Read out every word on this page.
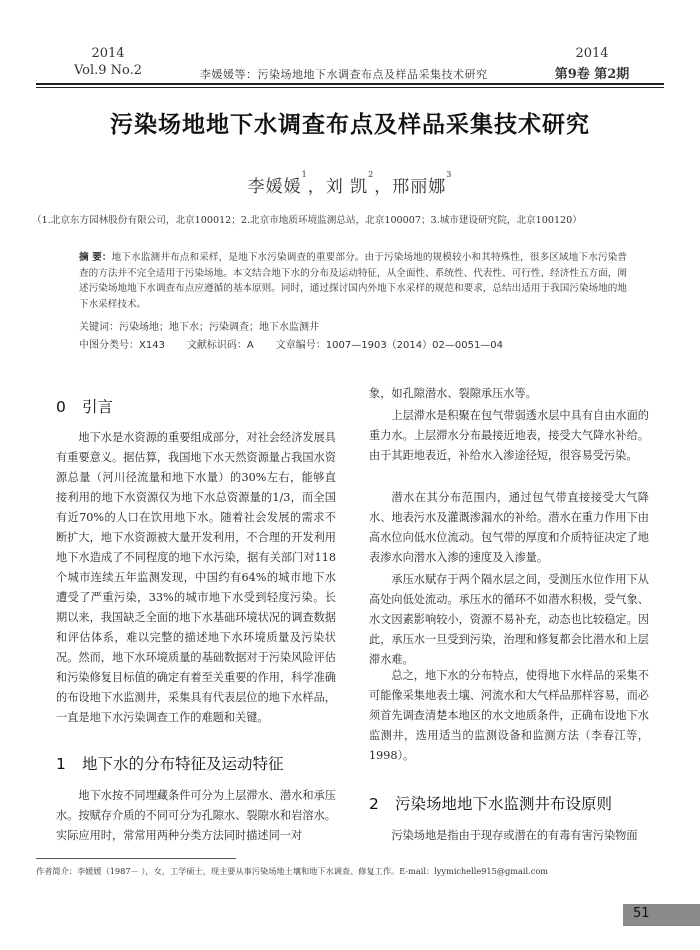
2014
Vol.9 No.2	李媛媛等：污染场地地下水调查布点及样品采集技术研究
2014
第9卷 第2期
污染场地地下水调查布点及样品采集技术研究
李媛媛$^1$，刘 凯$^2$，邢丽娜$^3$
（1.北京东方园林股份有限公司，北京100012；2.北京市地质环境监测总站，北京100007；3.城市建设研究院，北京100120）
摘 要：地下水监测井布点和采样，是地下水污染调查的重要部分。由于污染场地的规模较小和其特殊性，很多区域地下水污染普查的方法并不完全适用于污染场地。本文结合地下水的分布及运动特征，从全面性、系统性、代表性、可行性、经济性五方面，阐述污染场地地下水调查布点应遵循的基本原则。同时，通过探讨国内外地下水采样的规范和要求，总结出适用于我国污染场地的地下水采样技术。
关键词：污染场地；地下水；污染调查；地下水监测井
中图分类号：X143 文献标识码：A 文章编号：1007—1903（2014）02—0051—04
0 引言
地下水是水资源的重要组成部分，对社会经济发展具有重要意义。据估算，我国地下水天然资源量占我国水资源总量（河川径流量和地下水量）的30%左右，能够直接利用的地下水资源仅为地下水总资源量的1/3，而全国有近70%的人口在饮用地下水。随着社会发展的需求不断扩大，地下水资源被大量开发利用，不合理的开发利用地下水造成了不同程度的地下水污染，据有关部门对118个城市连续五年监测发现，中国约有64%的城市地下水遭受了严重污染，33%的城市地下水受到轻度污染。长期以来，我国缺乏全面的地下水基础环境状况的调查数据和评估体系，难以完整的描述地下水环境质量及污染状况。然而，地下水环境质量的基础数据对于污染风险评估和污染修复目标值的确定有着至关重要的作用，科学准确的布设地下水监测井，采集具有代表层位的地下水样品，一直是地下水污染调查工作的难题和关键。
1 地下水的分布特征及运动特征
地下水按不同埋藏条件可分为上层滞水、潜水和承压水。按赋存介质的不同可分为孔隙水、裂隙水和岩溶水。实际应用时，常常用两种分类方法同时描述同一对
象，如孔隙潜水、裂隙承压水等。
上层滞水是积聚在包气带弱透水层中具有自由水面的重力水。上层滞水分布最接近地表，接受大气降水补给。由于其距地表近，补给水入渗途径短，很容易受污染。
潜水在其分布范围内，通过包气带直接接受大气降水、地表污水及灌溉渗漏水的补给。潜水在重力作用下由高水位向低水位流动。包气带的厚度和介质特征决定了地表渗水向潜水入渗的速度及入渗量。
承压水赋存于两个隔水层之间，受测压水位作用下从高处向低处流动。承压水的循环不如潜水积极，受气象、水文因素影响较小，资源不易补充，动态也比较稳定。因此，承压水一旦受到污染，治理和修复都会比潜水和上层滞水难。
总之，地下水的分布特点，使得地下水样品的采集不可能像采集地表土壤、河流水和大气样品那样容易，而必须首先调查清楚本地区的水文地质条件，正确布设地下水监测井，选用适当的监测设备和监测方法（李春江等，1998）。
2 污染场地地下水监测井布设原则
污染场地是指由于现存或潜在的有毒有害污染物面
作者简介：李媛媛（1987－ ），女，工学硕士，现主要从事污染场地土壤和地下水调查、修复工作。E-mail：lyymichelle915@gmail.com
51
